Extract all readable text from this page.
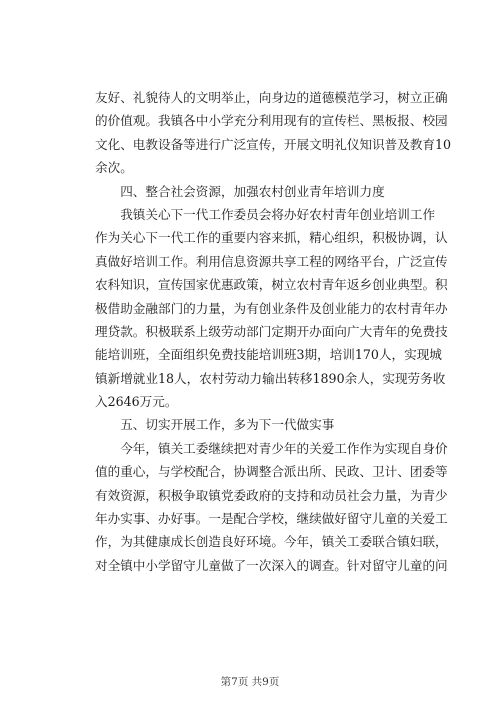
友好、礼貌待人的文明举止，向身边的道德模范学习，树立正确
的价值观。我镇各中小学充分利用现有的宣传栏、黑板报、校园
文化、电教设备等进行广泛宣传，开展文明礼仪知识普及教育10
余次。
　　四、整合社会资源，加强农村创业青年培训力度
　　我镇关心下一代工作委员会将办好农村青年创业培训工作
作为关心下一代工作的重要内容来抓，精心组织，积极协调，认
真做好培训工作。利用信息资源共享工程的网络平台，广泛宣传
农科知识，宣传国家优惠政策，树立农村青年返乡创业典型。积
极借助金融部门的力量，为有创业条件及创业能力的农村青年办
理贷款。积极联系上级劳动部门定期开办面向广大青年的免费技
能培训班，全面组织免费技能培训班3期，培训170人，实现城
镇新增就业18人，农村劳动力输出转移1890余人，实现劳务收
入2646万元。
　　五、切实开展工作，多为下一代做实事
　　今年，镇关工委继续把对青少年的关爱工作作为实现自身价
值的重心，与学校配合，协调整合派出所、民政、卫计、团委等
有效资源，积极争取镇党委政府的支持和动员社会力量，为青少
年办实事、办好事。一是配合学校，继续做好留守儿童的关爱工
作，为其健康成长创造良好环境。今年，镇关工委联合镇妇联，
对全镇中小学留守儿童做了一次深入的调查。针对留守儿童的问
第7页 共9页
